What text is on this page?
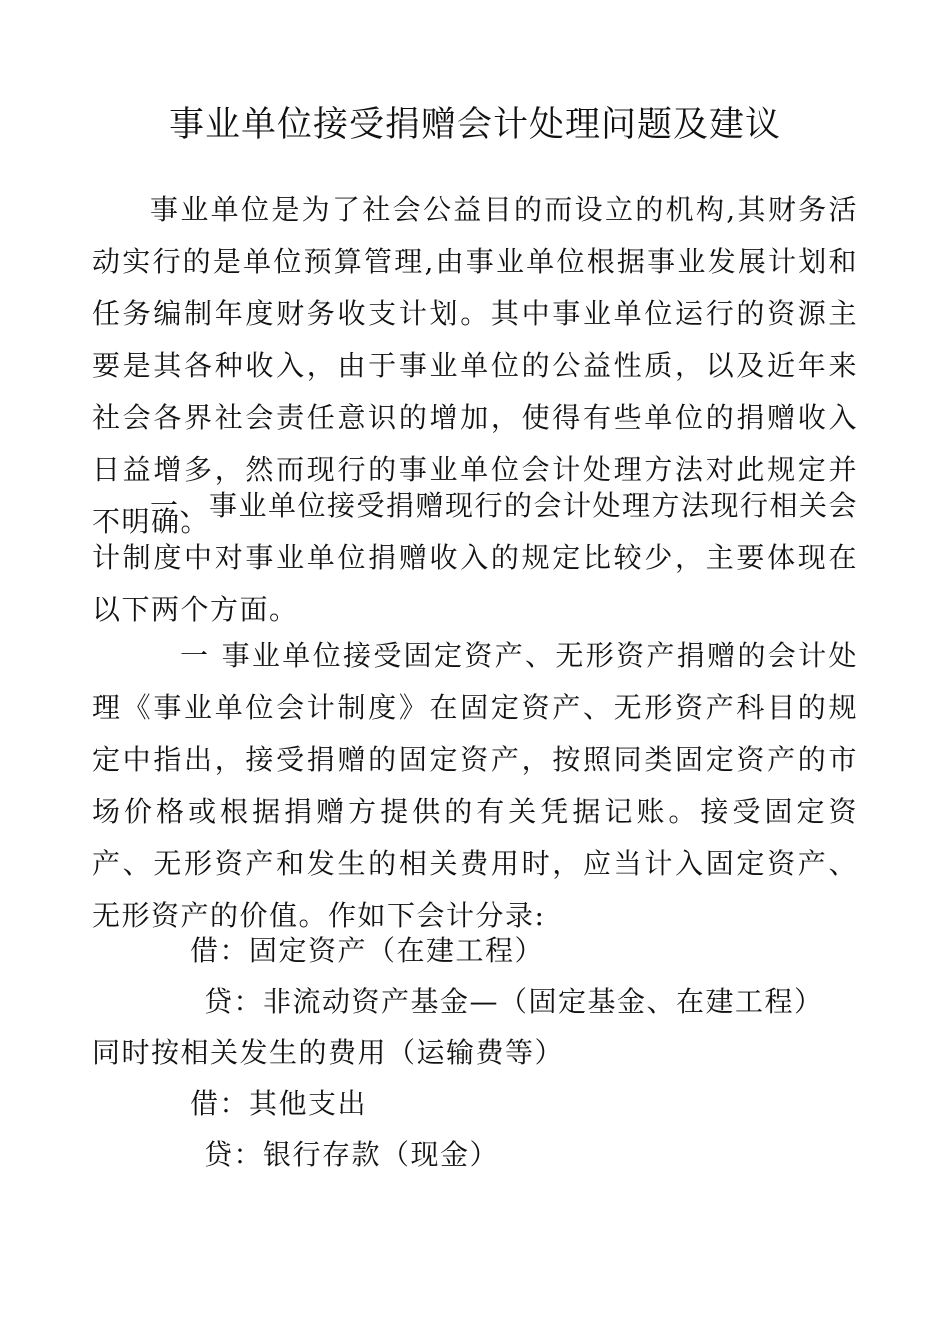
事业单位接受捐赠会计处理问题及建议

事业单位是为了社会公益目的而设立的机构,其财务活动实行的是单位预算管理,由事业单位根据事业发展计划和任务编制年度财务收支计划。其中事业单位运行的资源主要是其各种收入，由于事业单位的公益性质，以及近年来社会各界社会责任意识的增加，使得有些单位的捐赠收入日益增多，然而现行的事业单位会计处理方法对此规定并不明确。

一、事业单位接受捐赠现行的会计处理方法现行相关会计制度中对事业单位捐赠收入的规定比较少，主要体现在以下两个方面。

一 事业单位接受固定资产、无形资产捐赠的会计处理《事业单位会计制度》在固定资产、无形资产科目的规定中指出，接受捐赠的固定资产，按照同类固定资产的市场价格或根据捐赠方提供的有关凭据记账。接受固定资产、无形资产和发生的相关费用时，应当计入固定资产、无形资产的价值。作如下会计分录:

借：固定资产（在建工程）

贷：非流动资产基金—（固定基金、在建工程）

同时按相关发生的费用（运输费等）

借：其他支出

贷：银行存款（现金）
